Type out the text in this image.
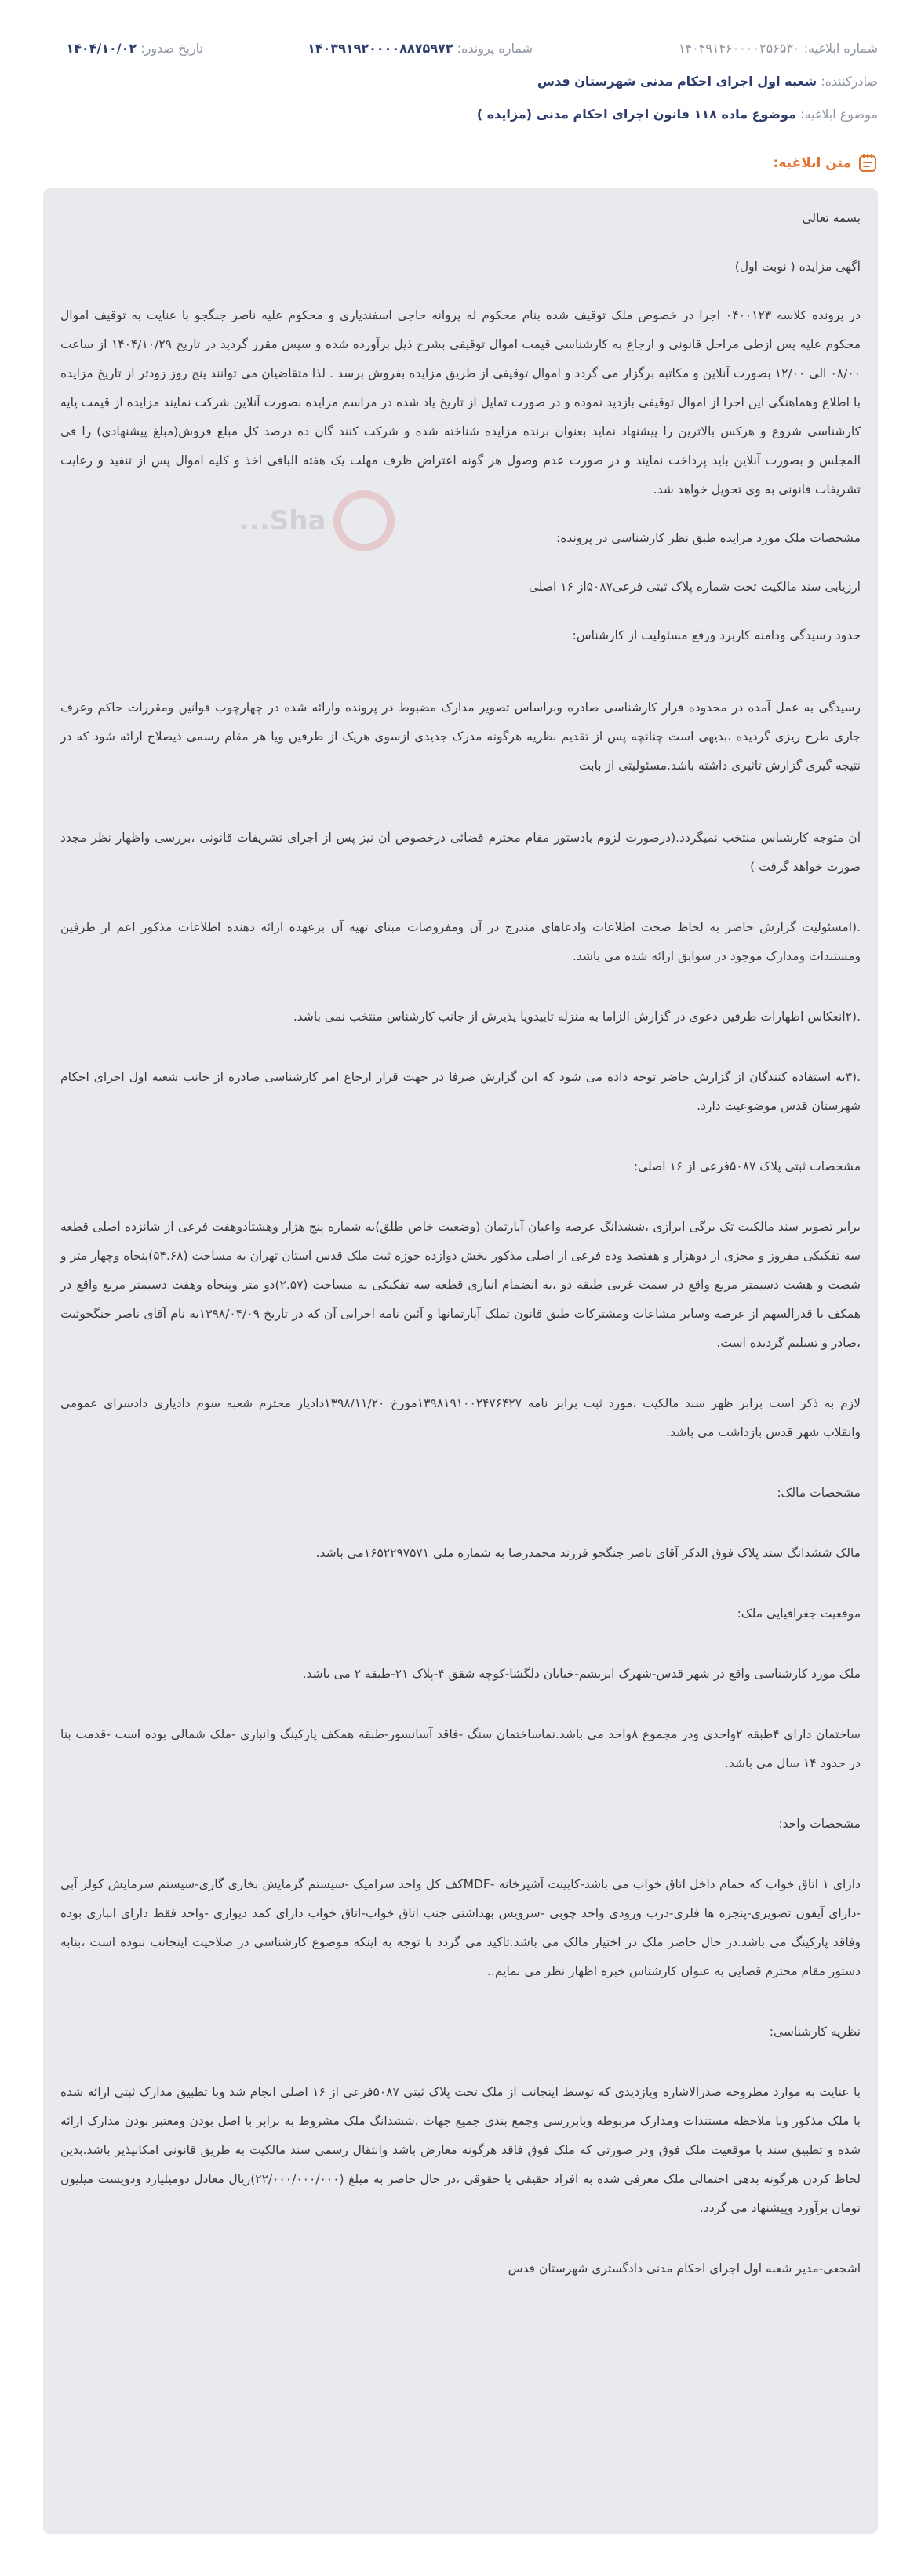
شماره ابلاغیه: ۱۴۰۴۹۱۴۶۰۰۰۰۲۵۶۵۳۰شماره پرونده: ۱۴۰۳۹۱۹۲۰۰۰۰۸۸۷۵۹۷۳تاریخ صدور: ۱۴۰۴/۱۰/۰۲
صادرکننده: شعبه اول اجرای احکام مدنی شهرستان قدس
موضوع ابلاغیه: موضوع ماده ۱۱۸ قانون اجرای احکام مدنی (مزایده )
متن ابلاغیه:
Sha...

بسمه تعالی

آگهی مزایده ( نوبت اول)

در پرونده کلاسه ۰۴۰۰۱۲۳ اجرا در خصوص ملک توقیف شده بنام محکوم له پروانه حاجی اسفندیاری و محکوم علیه ناصر جنگجو با عنایت به توقیف اموال محکوم علیه پس ازطی مراحل قانونی و ارجاع به کارشناسی قیمت اموال توقیفی بشرح ذیل برآورده شده و سپس مقرر گردید در تاریخ ۱۴۰۴/۱۰/۲۹ از ساعت ۰۸/۰۰ الی ۱۲/۰۰ بصورت آنلاین و مکاتبه برگزار می گردد و اموال توقیفی از طریق مزایده بفروش برسد . لذا متقاضیان می توانند پنج روز زودتر از تاریخ مزایده با اطلاع وهماهنگی این اجرا از اموال توقیفی بازدید نموده و در صورت تمایل از تاریخ یاد شده در مراسم مزایده بصورت آنلاین شرکت نمایند مزایده از قیمت پایه کارشناسی شروع و هرکس بالاترین را پیشنهاد نماید بعنوان برنده مزایده شناخته شده و شرکت کنند گان ده درصد کل مبلغ فروش(مبلغ پیشنهادی) را فی المجلس و بصورت آنلاین باید پرداخت نمایند و در صورت عدم وصول هر گونه اعتراض ظرف مهلت یک هفته الباقی اخذ و کلیه اموال پس از تنفیذ و رعایت تشریفات قانونی به وی تحویل خواهد شد.

مشخصات ملک مورد مزایده طبق نظر کارشناسی در پرونده:

ارزیابی سند مالکیت تحت شماره پلاک ثبتی فرعی۵۰۸۷از ۱۶ اصلی

حدود رسیدگی ودامنه کاربرد ورفع مسئولیت از کارشناس:

رسیدگی به عمل آمده در محدوده قرار کارشناسی صادره وبراساس تصویر مدارک مضبوط در پرونده وارائه شده در چهارچوب قوانین ومقررات حاکم وعرف جاری طرح ریزی گردیده ،بدیهی است چنانچه پس از تقدیم نظریه هرگونه مدرک جدیدی ازسوی هریک از طرفین ویا هر مقام رسمی ذیصلاح ارائه شود که در نتیجه گیری گزارش تاثیری داشته باشد.مسئولیتی از بابت

آن متوجه کارشناس منتخب نمیگردد.(درصورت لزوم بادستور مقام محترم قضائی درخصوص آن نیز پس از اجرای تشریفات قانونی ،بررسی واظهار نظر مجدد صورت خواهد گرفت )

.(امسئولیت گزارش حاضر به لحاظ صحت اطلاعات وادعاهای مندرج در آن ومفروضات مبنای تهیه آن برعهده ارائه دهنده اطلاعات مذکور اعم از طرفین ومستندات ومدارک موجود در سوابق ارائه شده می باشد.

.(۲انعکاس اظهارات طرفین دعوی در گزارش الزاما به منزله تاییدویا پذیرش از جانب کارشناس منتخب نمی باشد.

.(۳به استفاده کنندگان از گزارش حاضر توجه داده می شود که این گزارش صرفا در جهت قرار ارجاع امر کارشناسی صادره از جانب شعبه اول اجرای احکام شهرستان قدس موضوعیت دارد.

مشخصات ثبتی پلاک ۵۰۸۷فرعی از ۱۶ اصلی:

برابر تصویر سند مالکیت تک برگی ابرازی ،ششدانگ عرصه واعیان آپارتمان (وضعیت خاص طلق)به شماره پنج هزار وهشتادوهفت فرعی از شانزده اصلی قطعه سه تفکیکی مفروز و مجزی از دوهزار و هفتصد وده فرعی از اصلی مذکور بخش دوازده حوزه ثبت ملک قدس استان تهران به مساحت (۵۴.۶۸)پنجاه وچهار متر و شصت و هشت دسیمتر مربع واقع در سمت غربی طبقه دو ،به انضمام انباری قطعه سه تفکیکی به مساحت (۲.۵۷)دو متر وپنجاه وهفت دسیمتر مربع واقع در همکف با قدرالسهم از عرصه وسایر مشاعات ومشترکات طبق قانون تملک آپارتمانها و آئین نامه اجرایی آن که در تاریخ ۱۳۹۸/۰۴/۰۹به نام آقای ناصر جنگجوثبت ،صادر و تسلیم گردیده است.

لازم به ذکر است برابر ظهر سند مالکیت ،مورد ثبت برابر نامه ۱۳۹۸۱۹۱۰۰۲۴۷۶۴۲۷مورخ ۱۳۹۸/۱۱/۲۰دادیار محترم شعبه سوم دادیاری دادسرای عمومی وانقلاب شهر قدس بازداشت می باشد.

مشخصات مالک:

مالک ششدانگ سند پلاک فوق الذکر آقای ناصر جنگجو فرزند محمدرضا به شماره ملی ۱۶۵۲۲۹۷۵۷۱می باشد.

موقعیت جغرافیایی ملک:

ملک مورد کارشناسی واقع در شهر قدس-شهرک ابریشم-خیابان دلگشا-کوچه شقق ۴-پلاک ۲۱-طبقه ۲ می باشد.

ساختمان دارای ۴طبقه ۲واحدی ودر مجموع ۸واحد می باشد.نماساختمان سنگ -فاقد آسانسور-طبقه همکف پارکینگ وانباری -ملک شمالی بوده است -قدمت بنا در حدود ۱۴ سال می باشد.

مشخصات واحد:

دارای ۱ اتاق خواب که حمام داخل اتاق خواب می باشد-کابینت آشپزخانه -MDFکف کل واحد سرامیک -سیستم گرمایش بخاری گازی-سیستم سرمایش کولر آبی -دارای آیفون تصویری-پنجره ها فلزی-درب ورودی واحد چوبی -سرویس بهداشتی جنب اتاق خواب-اتاق خواب دارای کمد دیواری -واحد فقط دارای انباری بوده وفاقد پارکینگ می باشد.در حال حاضر ملک در اختیار مالک می باشد.تاکید می گردد با توجه به اینکه موضوع کارشناسی در صلاحیت اینجانب نبوده است ،بنابه دستور مقام محترم قضایی به عنوان کارشناس خبره اظهار نظر می نمایم..

نظریه کارشناسی:

با عنایت به موارد مطروحه صدرالاشاره وبازدیدی که توسط اینجانب از ملک تحت پلاک ثبتی ۵۰۸۷فرعی از ۱۶ اصلی انجام شد وبا تطبیق مدارک ثبتی ارائه شده با ملک مذکور وبا ملاحظه مستندات ومدارک مربوطه وبابررسی وجمع بندی جمیع جهات ،ششدانگ ملک مشروط به برابر با اصل بودن ومعتبر بودن مدارک ارائه شده و تطبیق سند با موقعیت ملک فوق ودر صورتی که ملک فوق فاقد هرگونه معارض باشد وانتقال رسمی سند مالکیت به طریق قانونی امکانپذیر باشد.بدین لحاظ کردن هرگونه بدهی احتمالی ملک معرفی شده به افراد حقیقی یا حقوقی ،در حال حاضر به مبلغ (۲۲/۰۰۰/۰۰۰/۰۰۰)ریال معادل دومیلیارد ودویست میلیون تومان برآورد وپیشنهاد می گردد.

اشجعی-مدیر شعبه اول اجرای احکام مدنی دادگستری شهرستان قدس
